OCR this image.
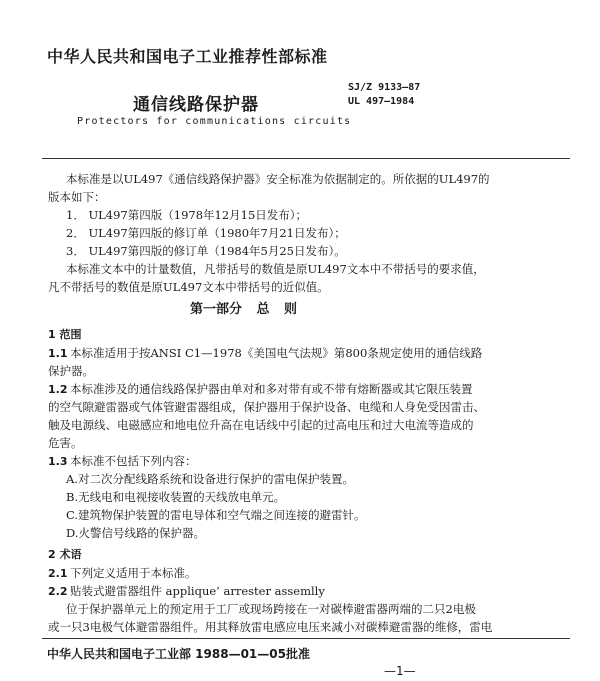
中华人民共和国电子工业推荐性部标准
通信线路保护器
Protectors for communications circuits
SJ/Z 9133—87
UL 497—1984
本标准是以UL497《通信线路保护器》安全标准为依据制定的。所依据的UL497的
版本如下：
1． UL497第四版（1978年12月15日发布）；
2． UL497第四版的修订单（1980年7月21日发布）；
3． UL497第四版的修订单（1984年5月25日发布）。
本标准文本中的计量数值，凡带括号的数值是原UL497文本中不带括号的要求值，
凡不带括号的数值是原UL497文本中带括号的近似值。
第一部分 总 则
1 范围
1.1 本标准适用于按ANSI C1—1978《美国电气法规》第800条规定使用的通信线路
保护器。
1.2 本标准涉及的通信线路保护器由单对和多对带有或不带有熔断器或其它限压装置
的空气隙避雷器或气体管避雷器组成，保护器用于保护设备、电缆和人身免受因雷击、
触及电源线、电磁感应和地电位升高在电话线中引起的过高电压和过大电流等造成的
危害。
1.3 本标准不包括下列内容：
A.对二次分配线路系统和设备进行保护的雷电保护装置。
B.无线电和电视接收装置的天线放电单元。
C.建筑物保护装置的雷电导体和空气端之间连接的避雷针。
D.火警信号线路的保护器。
2 术语
2.1 下列定义适用于本标准。
2.2 贴装式避雷器组件 applique’ arrester assemlly
位于保护器单元上的预定用于工厂或现场跨接在一对碳棒避雷器两端的二只2电极
或一只3电极气体避雷器组件。用其释放雷电感应电压来减小对碳棒避雷器的维修，雷电
中华人民共和国电子工业部 1988—01—05批准
—1—
